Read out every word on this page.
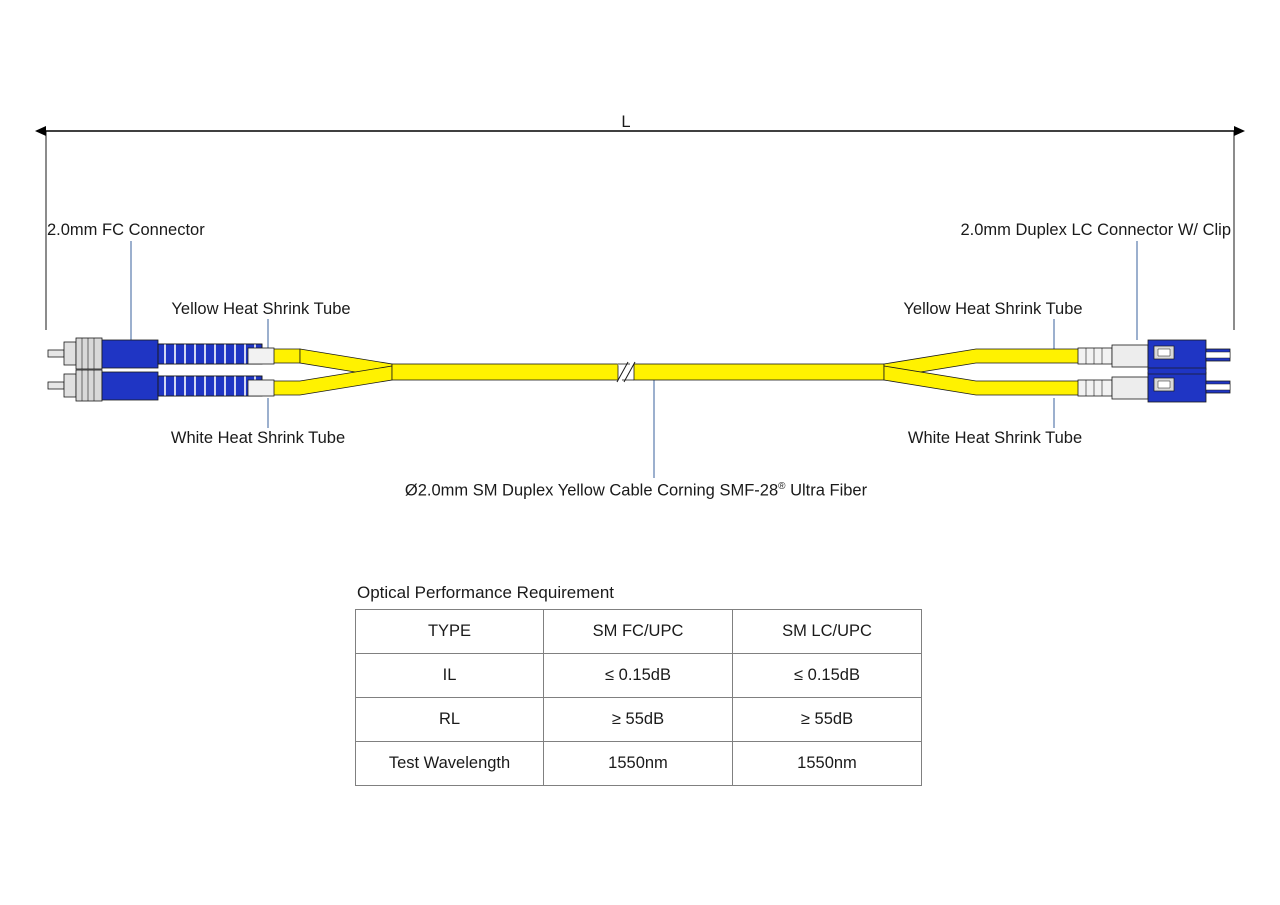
L
2.0mm FC Connector	2.0mm Duplex LC Connector W/ Clip
Yellow Heat Shrink Tube
White Heat Shrink Tube
Yellow Heat Shrink Tube
White Heat Shrink Tube
Ø2.0mm SM Duplex Yellow Cable Corning SMF-28® Ultra Fiber
Optical Performance Requirement
TYPE	SM FC/UPC	SM LC/UPC
IL	≤ 0.15dB	≤ 0.15dB
RL	≥ 55dB	≥ 55dB
Test Wavelength	1550nm	1550nm
